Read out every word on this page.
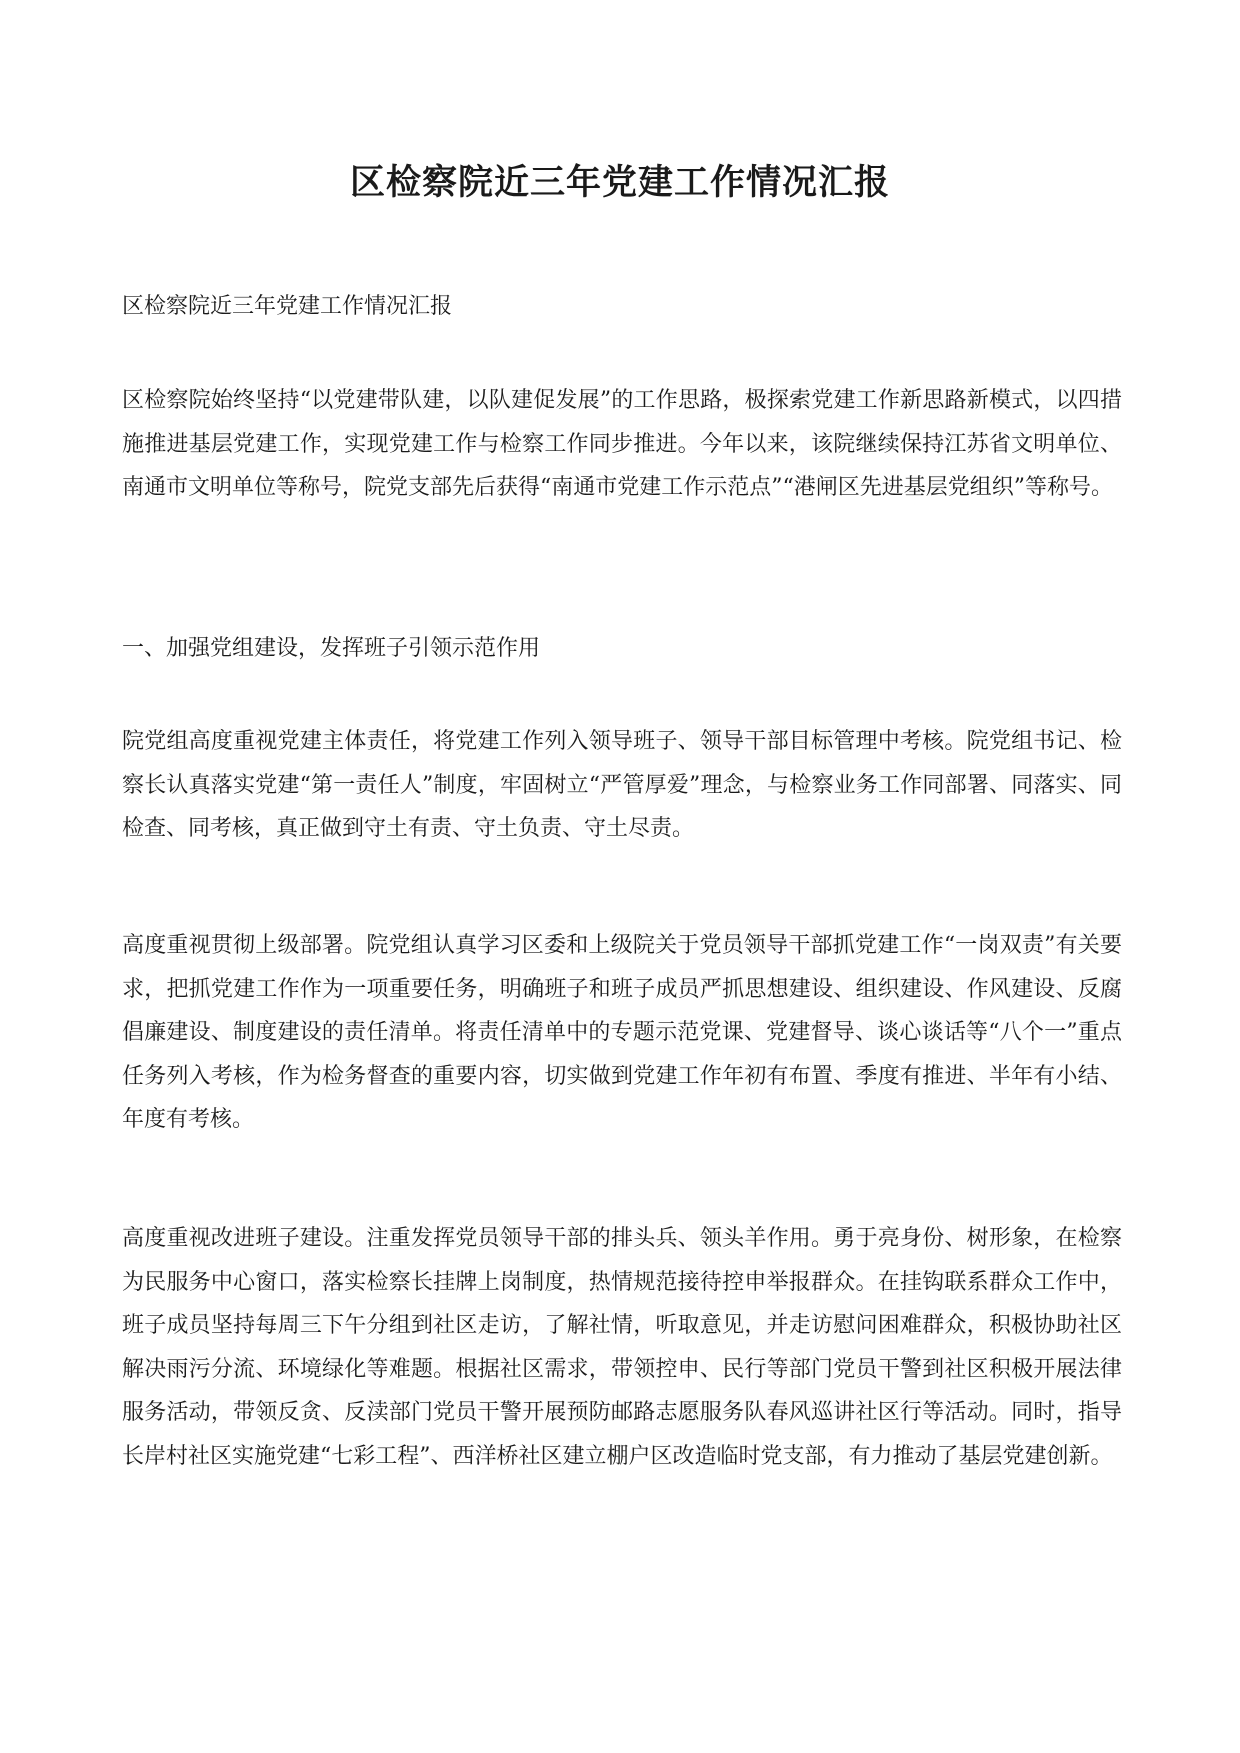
区检察院近三年党建工作情况汇报

区检察院近三年党建工作情况汇报

区检察院始终坚持“以党建带队建，以队建促发展”的工作思路，极探索党建工作新思路新模式，以四措施推进基层党建工作，实现党建工作与检察工作同步推进。今年以来，该院继续保持江苏省文明单位、南通市文明单位等称号，院党支部先后获得“南通市党建工作示范点”“港闸区先进基层党组织”等称号。

一、加强党组建设，发挥班子引领示范作用

院党组高度重视党建主体责任，将党建工作列入领导班子、领导干部目标管理中考核。院党组书记、检察长认真落实党建“第一责任人”制度，牢固树立“严管厚爱”理念，与检察业务工作同部署、同落实、同检查、同考核，真正做到守土有责、守土负责、守土尽责。

高度重视贯彻上级部署。院党组认真学习区委和上级院关于党员领导干部抓党建工作“一岗双责”有关要求，把抓党建工作作为一项重要任务，明确班子和班子成员严抓思想建设、组织建设、作风建设、反腐倡廉建设、制度建设的责任清单。将责任清单中的专题示范党课、党建督导、谈心谈话等“八个一”重点任务列入考核，作为检务督查的重要内容，切实做到党建工作年初有布置、季度有推进、半年有小结、年度有考核。

高度重视改进班子建设。注重发挥党员领导干部的排头兵、领头羊作用。勇于亮身份、树形象，在检察为民服务中心窗口，落实检察长挂牌上岗制度，热情规范接待控申举报群众。在挂钩联系群众工作中，班子成员坚持每周三下午分组到社区走访，了解社情，听取意见，并走访慰问困难群众，积极协助社区解决雨污分流、环境绿化等难题。根据社区需求，带领控申、民行等部门党员干警到社区积极开展法律服务活动，带领反贪、反渎部门党员干警开展预防邮路志愿服务队春风巡讲社区行等活动。同时，指导长岸村社区实施党建“七彩工程”、西洋桥社区建立棚户区改造临时党支部，有力推动了基层党建创新。
